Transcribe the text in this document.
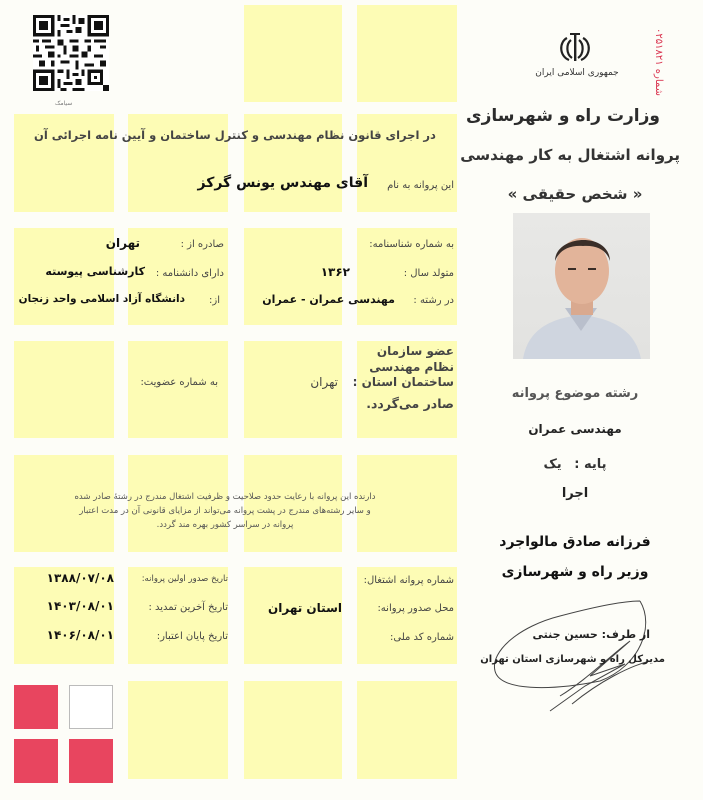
سیامک
شماره ۰۲۵۱۸۲۱
جمهوری اسلامی ایران
وزارت راه و شهرسازی
پروانه اشتغال به کار مهندسی
« شخص حقیقی »
در اجرای قانون نظام مهندسی و کنترل ساختمان و آیین نامه اجرائی آن
این پروانه به نام
آقای مهندس یونس گرکز
به شماره شناسنامه:
صادره از :
تهران
متولد سال :
۱۳۶۲
دارای دانشنامه :
کارشناسی پیوسته
در رشته :
مهندسی عمران - عمران
از:
دانشگاه آزاد اسلامی واحد زنجان
عضو سازمان
نظام مهندسی
ساختمان استان :
تهران
به شماره عضویت:
صادر می‌گردد.
دارنده این پروانه با رعایت حدود صلاحیت و ظرفیت اشتغال مندرج در رشتهٔ صادر شده
و سایر رشته‌های مندرج در پشت پروانه می‌تواند از مزایای قانونی آن در مدت اعتبار
پروانه در سراسر کشور بهره مند گردد.
شماره پروانه اشتغال:
محل صدور پروانه:
استان تهران
شماره کد ملی:
تاریخ صدور اولین پروانه:
۱۳۸۸/۰۷/۰۸
تاریخ آخرین تمدید :
۱۴۰۳/۰۸/۰۱
تاریخ پایان اعتبار:
۱۴۰۶/۰۸/۰۱
رشته موضوع پروانه
مهندسی عمران
پایه : یک
اجرا
فرزانه صادق مالواجرد
وزیر راه و شهرسازی
از طرف: حسین جنتی
مدیرکل راه و شهرسازی استان تهران
